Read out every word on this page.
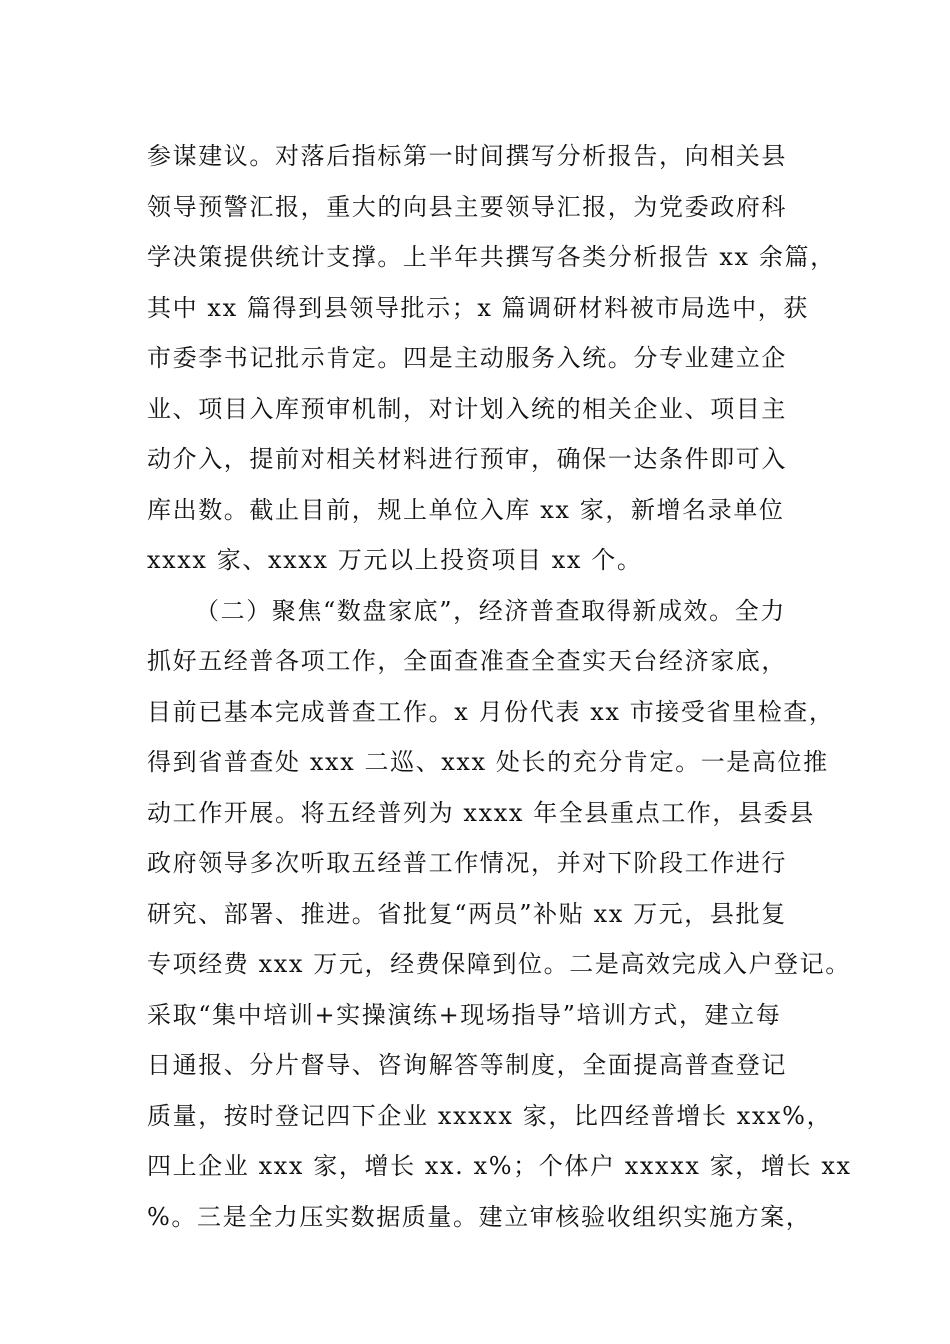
参谋建议。对落后指标第一时间撰写分析报告，向相关县
领导预警汇报，重大的向县主要领导汇报，为党委政府科
学决策提供统计支撑。上半年共撰写各类分析报告 xx 余篇，
其中 xx 篇得到县领导批示；x 篇调研材料被市局选中，获
市委李书记批示肯定。四是主动服务入统。分专业建立企
业、项目入库预审机制，对计划入统的相关企业、项目主
动介入，提前对相关材料进行预审，确保一达条件即可入
库出数。截止目前，规上单位入库 xx 家，新增名录单位
xxxx 家、xxxx 万元以上投资项目 xx 个。
（二）聚焦“数盘家底”，经济普查取得新成效。全力
抓好五经普各项工作，全面查准查全查实天台经济家底，
目前已基本完成普查工作。x 月份代表 xx 市接受省里检查，
得到省普查处 xxx 二巡、xxx 处长的充分肯定。一是高位推
动工作开展。将五经普列为 xxxx 年全县重点工作，县委县
政府领导多次听取五经普工作情况，并对下阶段工作进行
研究、部署、推进。省批复“两员”补贴 xx 万元，县批复
专项经费 xxx 万元，经费保障到位。二是高效完成入户登记。
采取“集中培训+实操演练+现场指导”培训方式，建立每
日通报、分片督导、咨询解答等制度，全面提高普查登记
质量，按时登记四下企业 xxxxx 家，比四经普增长 xxx%，
四上企业 xxx 家，增长 xx. x%；个体户 xxxxx 家，增长 xx
%。三是全力压实数据质量。建立审核验收组织实施方案，
